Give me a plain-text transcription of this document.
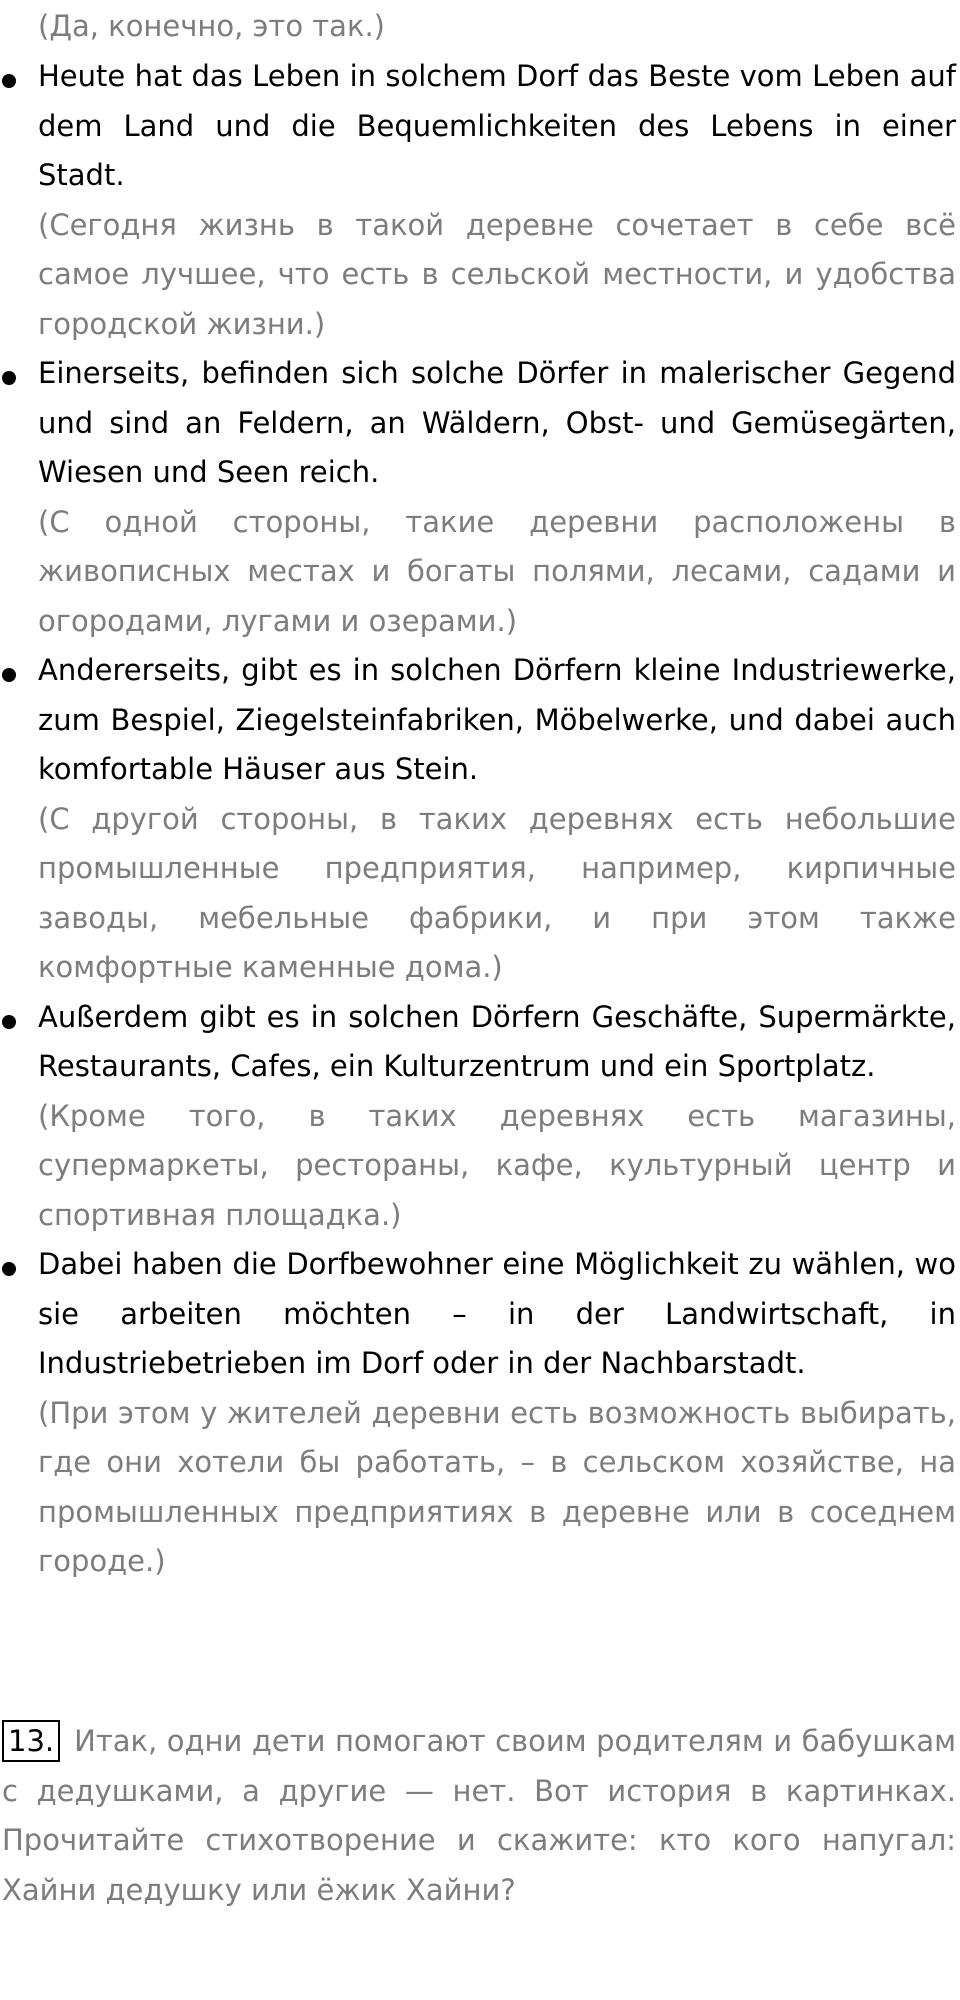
(Да, конечно, это так.)

Heute hat das Leben in solchem Dorf das Beste vom Leben auf dem Land und die Bequemlichkeiten des Lebens in einer Stadt.

(Сегодня жизнь в такой деревне сочетает в себе всё самое лучшее, что есть в сельской местности, и удобства городской жизни.)

Einerseits, befinden sich solche Dörfer in malerischer Gegend und sind an Feldern, an Wäldern, Obst- und Gemüsegärten, Wiesen und Seen reich.

(С одной стороны, такие деревни расположены в живописных местах и богаты полями, лесами, садами и огородами, лугами и озерами.)

Andererseits, gibt es in solchen Dörfern kleine Industriewerke, zum Bespiel, Ziegelsteinfabriken, Möbelwerke, und dabei auch komfortable Häuser aus Stein.

(С другой стороны, в таких деревнях есть небольшие промышленные предприятия, например, кирпичные заводы, мебельные фабрики, и при этом также комфортные каменные дома.)

Außerdem gibt es in solchen Dörfern Geschäfte, Supermärkte, Restaurants, Cafes, ein Kulturzentrum und ein Sportplatz.

(Кроме того, в таких деревнях есть магазины, супермаркеты, рестораны, кафе, культурный центр и спортивная площадка.)

Dabei haben die Dorfbewohner eine Möglichkeit zu wählen, wo sie arbeiten möchten – in der Landwirtschaft, in Industriebetrieben im Dorf oder in der Nachbarstadt.

(При этом у жителей деревни есть возможность выбирать, где они хотели бы работать, – в сельском хозяйстве, на промышленных предприятиях в деревне или в соседнем городе.)

13. Итак, одни дети помогают своим родителям и бабушкам с дедушками, а другие — нет. Вот история в картинках. Прочитайте стихотворение и скажите: кто кого напугал: Хайни дедушку или ёжик Хайни?
